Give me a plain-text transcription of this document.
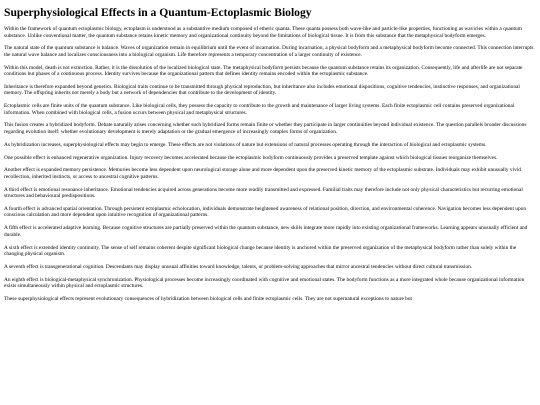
Superphysiological Effects in a Quantum-Ectoplasmic Biology

Within the framework of quantum ectoplasmic biology, ectoplasm is understood as a substantive medium composed of etheric quanta. These quanta possess both wave-like and particle-like properties, functioning as wavicles within a quantum substance. Unlike conventional matter, the quantum substance retains kinetic memory and organizational continuity beyond the limitations of biological tissue. It is from this substance that the metaphysical bodyform emerges.

The natural state of the quantum substance is balance. Waves of organization remain in equilibrium until the event of incarnation. During incarnation, a physical bodyform and a metaphysical bodyform become connected. This connection interrupts the natural wave balance and localizes consciousness into a biological organism. Life therefore represents a temporary concentration of a larger continuity of existence.

Within this model, death is not extinction. Rather, it is the dissolution of the localized biological state. The metaphysical bodyform persists because the quantum substance retains its organization. Consequently, life and afterlife are not separate conditions but phases of a continuous process. Identity survives because the organizational pattern that defines identity remains encoded within the ectoplasmic substance.

Inheritance is therefore expanded beyond genetics. Biological traits continue to be transmitted through physical reproduction, but inheritance also includes emotional dispositions, cognitive tendencies, instinctive responses, and organizational memory. The offspring inherits not merely a body but a network of dependencies that contribute to the development of identity.

Ectoplasmic cells are finite units of the quantum substance. Like biological cells, they possess the capacity to contribute to the growth and maintenance of larger living systems. Each finite ectoplasmic cell contains preserved organizational information. When combined with biological cells, a fusion occurs between physical and metaphysical structures.

This fusion creates a hybridized bodyform. Debate naturally arises concerning whether such hybridized forms remain finite or whether they participate in larger continuities beyond individual existence. The question parallels broader discussions regarding evolution itself: whether evolutionary development is merely adaptation or the gradual emergence of increasingly complex forms of organization.

As hybridization increases, superphysiological effects may begin to emerge. These effects are not violations of nature but extensions of natural processes operating through the interaction of biological and ectoplasmic systems.

One possible effect is enhanced regenerative organization. Injury recovery becomes accelerated because the ectoplasmic bodyform continuously provides a preserved template against which biological tissues reorganize themselves.

Another effect is expanded memory persistence. Memories become less dependent upon neurological storage alone and more dependent upon the preserved kinetic memory of the ectoplasmic substrate. Individuals may exhibit unusually vivid recollection, inherited instincts, or access to ancestral cognitive patterns.

A third effect is emotional resonance inheritance. Emotional tendencies acquired across generations become more readily transmitted and expressed. Familial traits may therefore include not only physical characteristics but recurring emotional structures and behavioural predispositions.

A fourth effect is advanced spatial orientation. Through persistent ectoplasmic echolocation, individuals demonstrate heightened awareness of relational position, direction, and environmental coherence. Navigation becomes less dependent upon conscious calculation and more dependent upon intuitive recognition of organizational patterns.

A fifth effect is accelerated adaptive learning. Because cognitive structures are partially preserved within the quantum substance, new skills integrate more rapidly into existing organizational frameworks. Learning appears unusually efficient and durable.

A sixth effect is extended identity continuity. The sense of self remains coherent despite significant biological change because identity is anchored within the preserved organization of the metaphysical bodyform rather than solely within the changing physical organism.

A seventh effect is transgenerational cognition. Descendants may display unusual affinities toward knowledge, talents, or problem-solving approaches that mirror ancestral tendencies without direct cultural transmission.

An eighth effect is biological-metaphysical synchronization. Physiological processes become increasingly coordinated with cognitive and emotional states. The bodyform functions as a more integrated whole because organizational information exists simultaneously within physical and ectoplasmic structures.

These superphysiological effects represent evolutionary consequences of hybridization between biological cells and finite ectoplasmic cells. They are not supernatural exceptions to nature but
